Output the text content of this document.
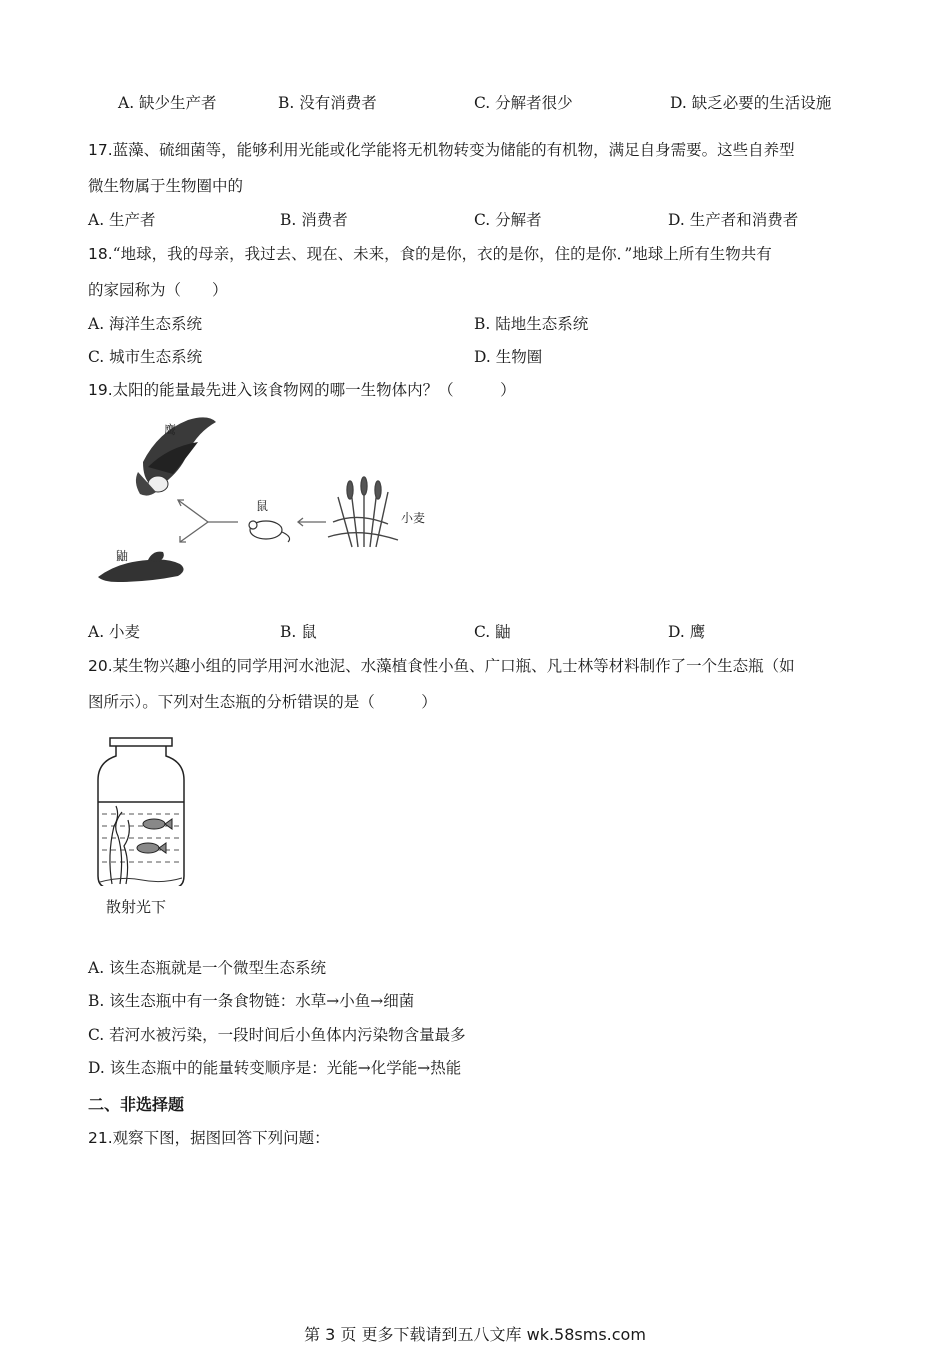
A. 缺少生产者	B. 没有消费者	C. 分解者很少	D. 缺乏必要的生活设施
17.蓝藻、硫细菌等，能够利用光能或化学能将无机物转变为储能的有机物，满足自身需要。这些自养型
微生物属于生物圈中的
A. 生产者	B. 消费者	C. 分解者	D. 生产者和消费者
18.“地球，我的母亲，我过去、现在、未来，食的是你，衣的是你，住的是你．”地球上所有生物共有
的家园称为（　　）
A. 海洋生态系统	B. 陆地生态系统
C. 城市生态系统	D. 生物圈
19.太阳的能量最先进入该食物网的哪一生物体内？（　　　）
鹰
鼠
小麦
鼬
A. 小麦	B. 鼠	C. 鼬	D. 鹰
20.某生物兴趣小组的同学用河水池泥、水藻植食性小鱼、广口瓶、凡士林等材料制作了一个生态瓶（如
图所示）。下列对生态瓶的分析错误的是（　　　）
散射光下
A. 该生态瓶就是一个微型生态系统
B. 该生态瓶中有一条食物链：水草→小鱼→细菌
C. 若河水被污染，一段时间后小鱼体内污染物含量最多
D. 该生态瓶中的能量转变顺序是：光能→化学能→热能
二、非选择题
21.观察下图，据图回答下列问题：
第 3 页 更多下载请到五八文库 wk.58sms.com
